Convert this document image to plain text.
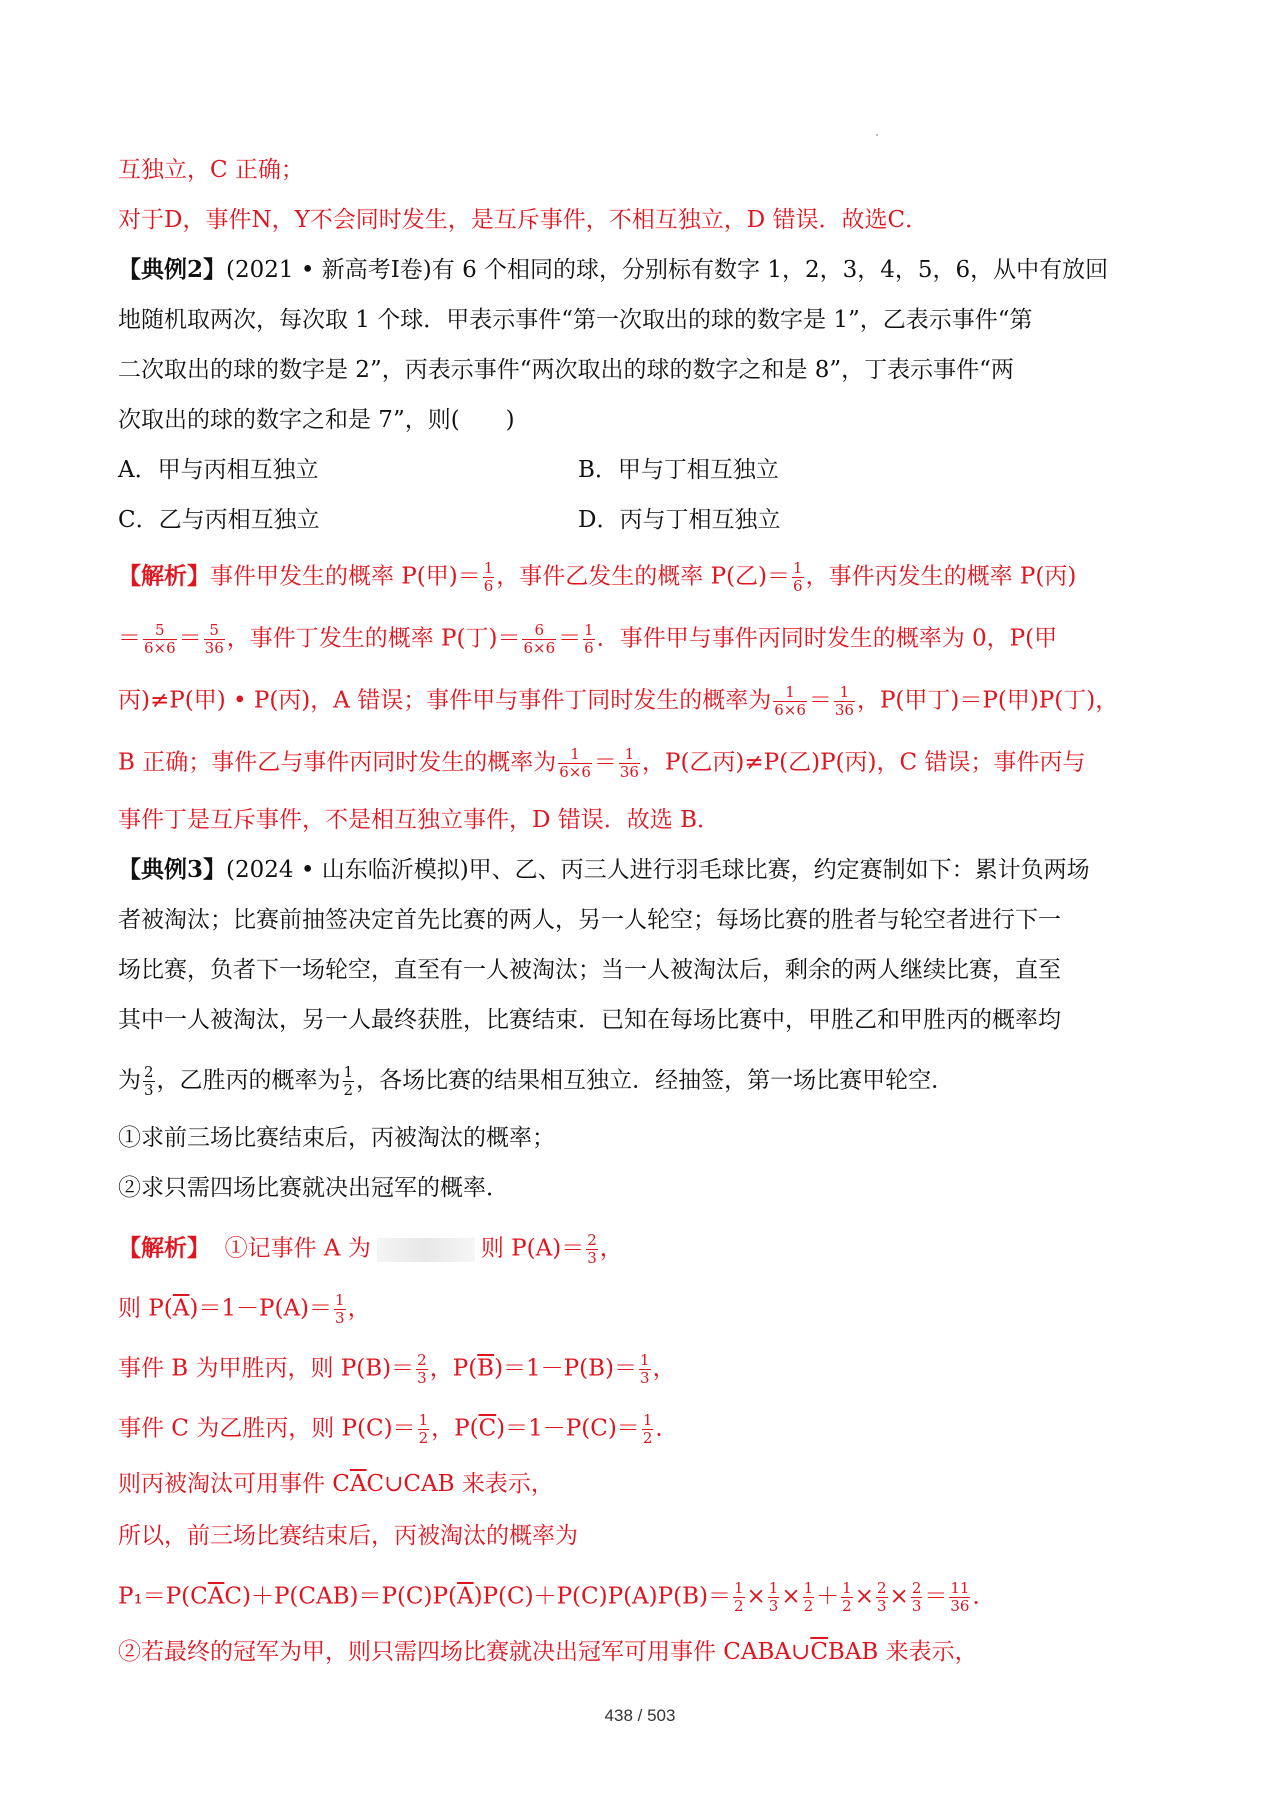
互独立，C 正确；
对于D，事件N，Y不会同时发生，是互斥事件，不相互独立，D 错误．故选C．
【典例2】(2021 • 新高考Ⅰ卷)有 6 个相同的球，分别标有数字 1，2，3，4，5，6，从中有放回
地随机取两次，每次取 1 个球．甲表示事件“第一次取出的球的数字是 1”，乙表示事件“第
二次取出的球的数字是 2”，丙表示事件“两次取出的球的数字之和是 8”，丁表示事件“两
次取出的球的数字之和是 7”，则(　　)
A．甲与丙相互独立	B．甲与丁相互独立
C．乙与丙相互独立	D．丙与丁相互独立
【解析】事件甲发生的概率 P(甲)＝ $\frac{1}{6}$ ，事件乙发生的概率 P(乙)＝ $\frac{1}{6}$ ，事件丙发生的概率 P(丙)
＝ $\frac{5}{6\times 6} = \frac{5}{36}$ ，事件丁发生的概率 P(丁)＝ $\frac{6}{6\times 6} = \frac{1}{6}$ ．事件甲与事件丙同时发生的概率为 0，P(甲
丙)≠P(甲) • P(丙)，A 错误；事件甲与事件丁同时发生的概率为 $\frac{1}{6\times 6} = \frac{1}{36}$ ，P(甲丁)＝P(甲)P(丁)，
B 正确；事件乙与事件丙同时发生的概率为 $\frac{1}{6\times 6} = \frac{1}{36}$ ，P(乙丙)≠P(乙)P(丙)，C 错误；事件丙与
事件丁是互斥事件，不是相互独立事件，D 错误．故选 B．
【典例3】(2024 • 山东临沂模拟)甲、乙、丙三人进行羽毛球比赛，约定赛制如下：累计负两场
者被淘汰；比赛前抽签决定首先比赛的两人，另一人轮空；每场比赛的胜者与轮空者进行下一
场比赛，负者下一场轮空，直至有一人被淘汰；当一人被淘汰后，剩余的两人继续比赛，直至
其中一人被淘汰，另一人最终获胜，比赛结束．已知在每场比赛中，甲胜乙和甲胜丙的概率均
为 $\frac{2}{3}$ ，乙胜丙的概率为 $\frac{1}{2}$ ，各场比赛的结果相互独立．经抽签，第一场比赛甲轮空．
①求前三场比赛结束后，丙被淘汰的概率；
②求只需四场比赛就决出冠军的概率．
【解析】 ①记事件 A 为	则 $P(A)= \frac{2}{3}$ ，
则 $P(\overline{A})=1-P(A)= \frac{1}{3}$ ，
事件 B 为甲胜丙，则 $P(B)= \frac{2}{3}$ ，$P(\overline{B})=1-P(B)= \frac{1}{3}$ ，
事件 C 为乙胜丙，则 $P(C)= \frac{1}{2}$ ，$P(\overline{C})=1-P(C)= \frac{1}{2}$ ．
则丙被淘汰可用事件 $C\overline{A}C\cup CAB$ 来表示，
所以，前三场比赛结束后，丙被淘汰的概率为
$P_1=P(C\overline{A}C)+P(CAB)=P(C)P(\overline{A})P(C)+P(C)P(A)P(B)= \frac{1}{2} \times \frac{1}{3} \times \frac{1}{2} + \frac{1}{2} \times \frac{2}{3} \times \frac{2}{3} = \frac{11}{36}$ ．
②若最终的冠军为甲，则只需四场比赛就决出冠军可用事件 $CABA\cup\overline{C}BAB$ 来表示，
438 / 503
